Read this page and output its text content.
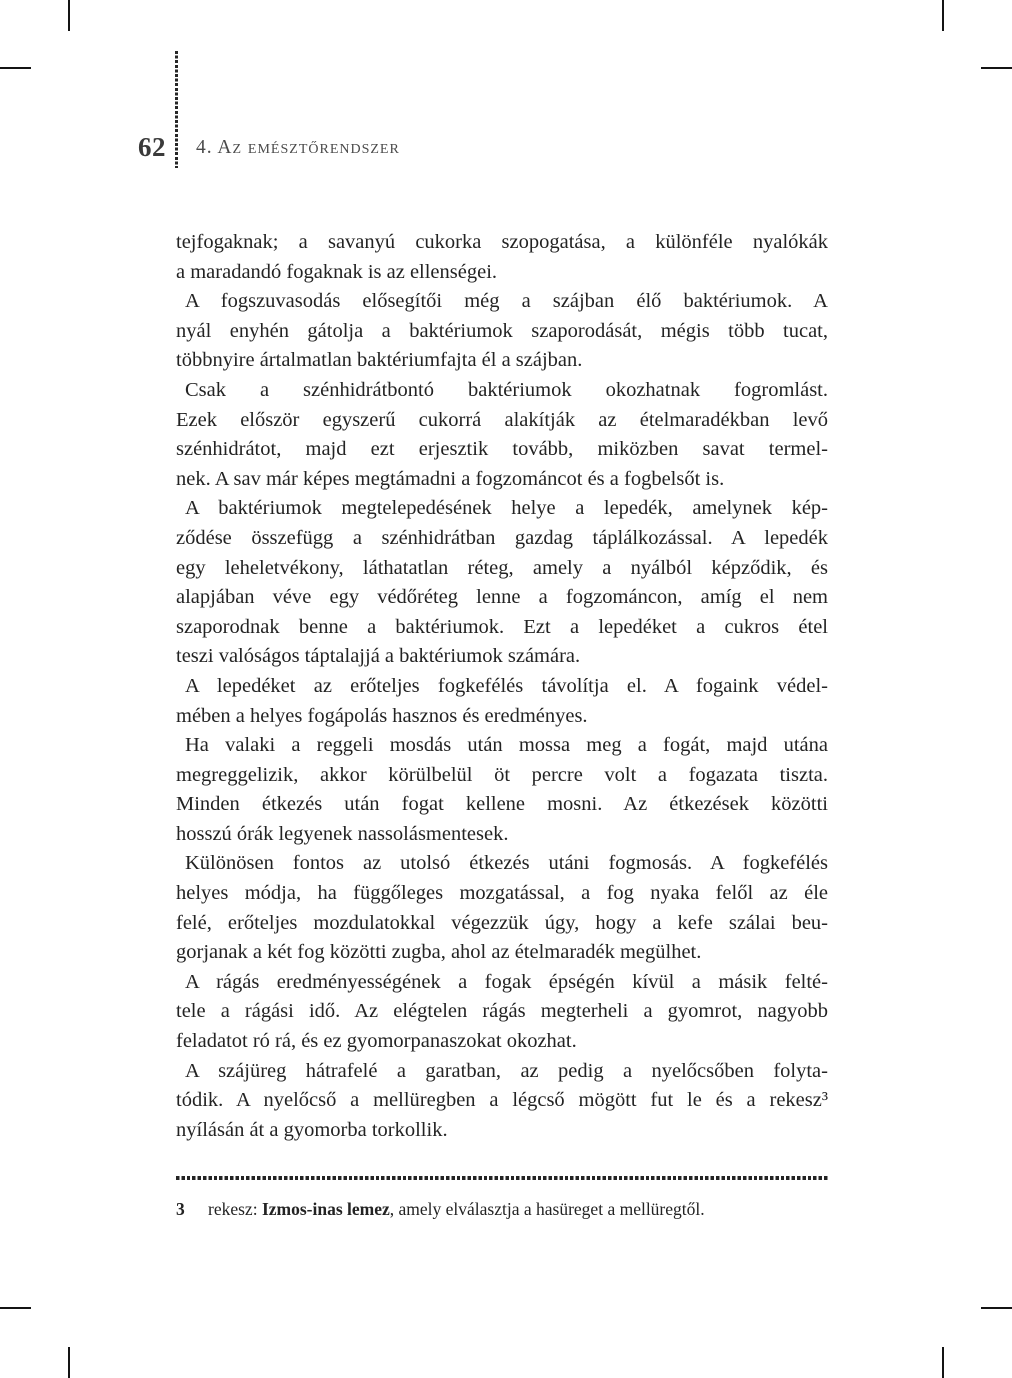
62 4. Az emésztőrendszer
tejfogaknak; a savanyú cukorka szopogatása, a különféle nyalókák
a maradandó fogaknak is az ellenségei.
A fogszuvasodás elősegítői még a szájban élő baktériumok. A
nyál enyhén gátolja a baktériumok szaporodását, mégis több tucat,
többnyire ártalmatlan baktériumfajta él a szájban.
Csak a szénhidrátbontó baktériumok okozhatnak fogromlást.
Ezek először egyszerű cukorrá alakítják az ételmaradékban levő
szénhidrátot, majd ezt erjesztik tovább, miközben savat termel-
nek. A sav már képes megtámadni a fogzománcot és a fogbelsőt is.
A baktériumok megtelepedésének helye a lepedék, amelynek kép-
ződése összefügg a szénhidrátban gazdag táplálkozással. A lepedék
egy leheletvékony, láthatatlan réteg, amely a nyálból képződik, és
alapjában véve egy védőréteg lenne a fogzománcon, amíg el nem
szaporodnak benne a baktériumok. Ezt a lepedéket a cukros étel
teszi valóságos táptalajjá a baktériumok számára.
A lepedéket az erőteljes fogkefélés távolítja el. A fogaink védel-
mében a helyes fogápolás hasznos és eredményes.
Ha valaki a reggeli mosdás után mossa meg a fogát, majd utána
megreggelizik, akkor körülbelül öt percre volt a fogazata tiszta.
Minden étkezés után fogat kellene mosni. Az étkezések közötti
hosszú órák legyenek nassolásmentesek.
Különösen fontos az utolsó étkezés utáni fogmosás. A fogkefélés
helyes módja, ha függőleges mozgatással, a fog nyaka felől az éle
felé, erőteljes mozdulatokkal végezzük úgy, hogy a kefe szálai beu-
gorjanak a két fog közötti zugba, ahol az ételmaradék megülhet.
A rágás eredményességének a fogak épségén kívül a másik felté-
tele a rágási idő. Az elégtelen rágás megterheli a gyomrot, nagyobb
feladatot ró rá, és ez gyomorpanaszokat okozhat.
A szájüreg hátrafelé a garatban, az pedig a nyelőcsőben folyta-
tódik. A nyelőcső a mellüregben a légcső mögött fut le és a rekesz³
nyílásán át a gyomorba torkollik.
3	rekesz: Izmos-inas lemez, amely elválasztja a hasüreget a mellüregtől.
